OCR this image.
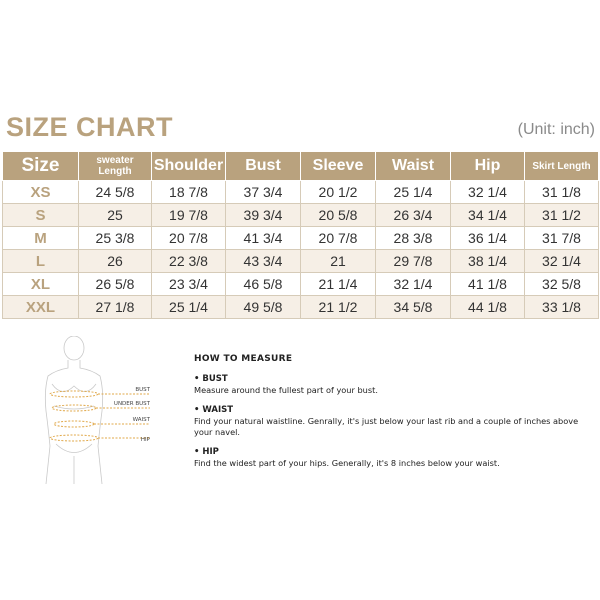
SIZE CHART	(Unit: inch)
Size	sweater Length	Shoulder	Bust	Sleeve	Waist	Hip	Skirt Length
XS	24 5/8	18 7/8	37 3/4	20 1/2	25 1/4	32 1/4	31 1/8
S	25	19 7/8	39 3/4	20 5/8	26 3/4	34 1/4	31 1/2
M	25 3/8	20 7/8	41 3/4	20 7/8	28 3/8	36 1/4	31 7/8
L	26	22 3/8	43 3/4	21	29 7/8	38 1/4	32 1/4
XL	26 5/8	23 3/4	46 5/8	21 1/4	32 1/4	41 1/8	32 5/8
XXL	27 1/8	25 1/4	49 5/8	21 1/2	34 5/8	44 1/8	33 1/8
BUST
UNDER BUST
WAIST
HIP
HOW TO MEASURE
• BUST
Measure around the fullest part of your bust.
• WAIST
Find your natural waistline. Genrally, it's just below your last rib and a couple of inches above your navel.
• HIP
Find the widest part of your hips. Generally, it's 8 inches below your waist.
